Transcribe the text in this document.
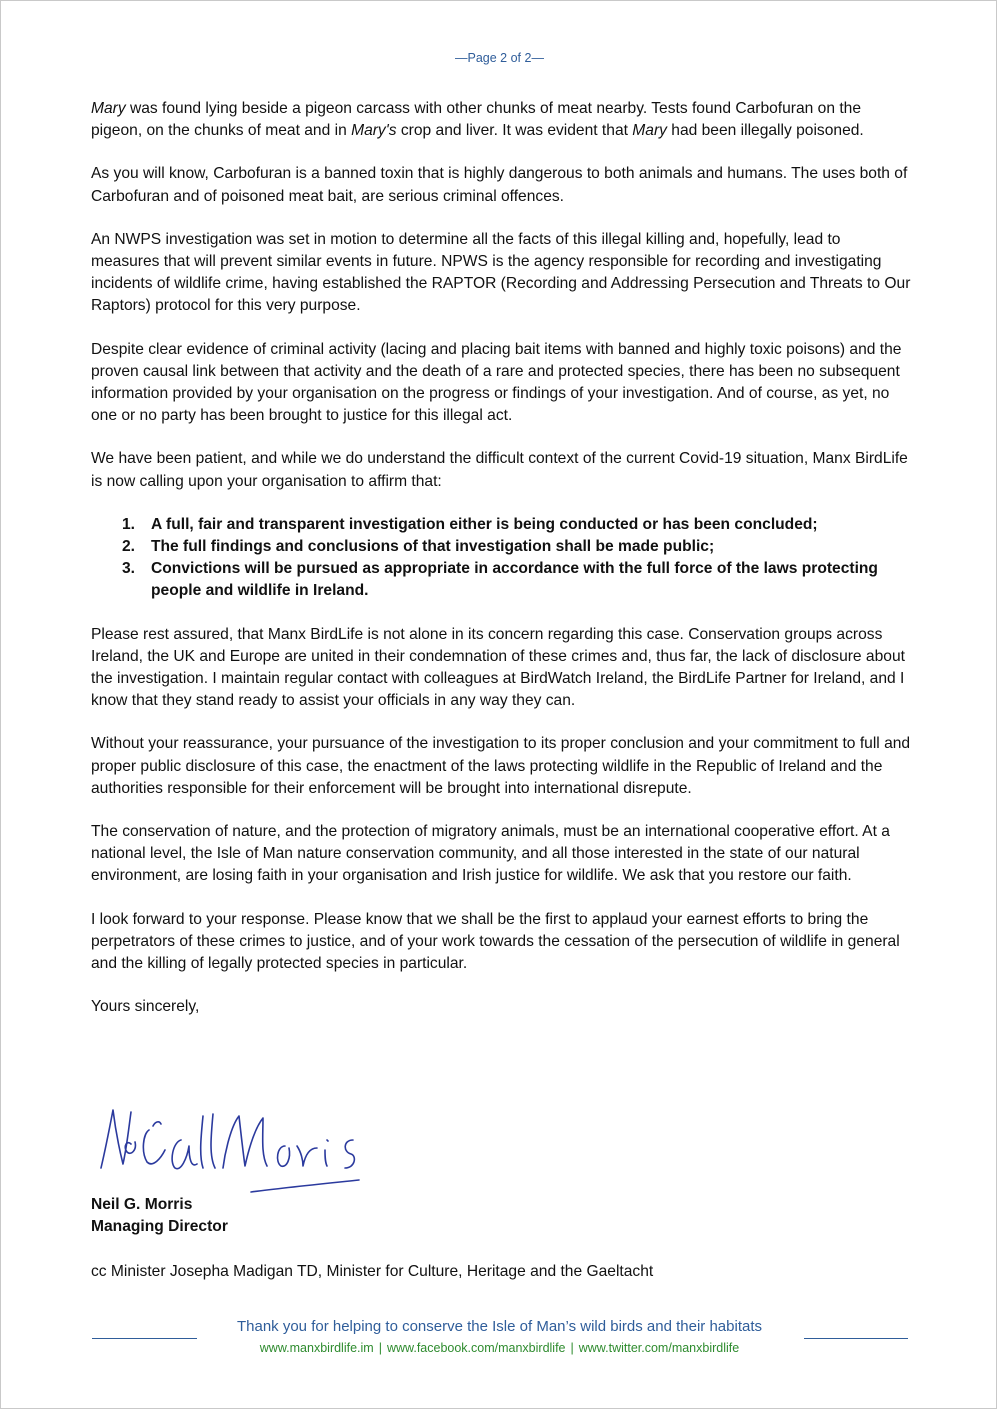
—Page 2 of 2—

Mary was found lying beside a pigeon carcass with other chunks of meat nearby. Tests found Carbofuran on the pigeon, on the chunks of meat and in Mary's crop and liver. It was evident that Mary had been illegally poisoned.

As you will know, Carbofuran is a banned toxin that is highly dangerous to both animals and humans. The uses both of Carbofuran and of poisoned meat bait, are serious criminal offences.

An NWPS investigation was set in motion to determine all the facts of this illegal killing and, hopefully, lead to measures that will prevent similar events in future. NPWS is the agency responsible for recording and investigating incidents of wildlife crime, having established the RAPTOR (Recording and Addressing Persecution and Threats to Our Raptors) protocol for this very purpose.

Despite clear evidence of criminal activity (lacing and placing bait items with banned and highly toxic poisons) and the proven causal link between that activity and the death of a rare and protected species, there has been no subsequent information provided by your organisation on the progress or findings of your investigation. And of course, as yet, no one or no party has been brought to justice for this illegal act.

We have been patient, and while we do understand the difficult context of the current Covid-19 situation, Manx BirdLife is now calling upon your organisation to affirm that:

1.	A full, fair and transparent investigation either is being conducted or has been concluded;
2.	The full findings and conclusions of that investigation shall be made public;
3.	Convictions will be pursued as appropriate in accordance with the full force of the laws protecting people and wildlife in Ireland.

Please rest assured, that Manx BirdLife is not alone in its concern regarding this case. Conservation groups across Ireland, the UK and Europe are united in their condemnation of these crimes and, thus far, the lack of disclosure about the investigation. I maintain regular contact with colleagues at BirdWatch Ireland, the BirdLife Partner for Ireland, and I know that they stand ready to assist your officials in any way they can.

Without your reassurance, your pursuance of the investigation to its proper conclusion and your commitment to full and proper public disclosure of this case, the enactment of the laws protecting wildlife in the Republic of Ireland and the authorities responsible for their enforcement will be brought into international disrepute.

The conservation of nature, and the protection of migratory animals, must be an international cooperative effort. At a national level, the Isle of Man nature conservation community, and all those interested in the state of our natural environment, are losing faith in your organisation and Irish justice for wildlife. We ask that you restore our faith.

I look forward to your response. Please know that we shall be the first to applaud your earnest efforts to bring the perpetrators of these crimes to justice, and of your work towards the cessation of the persecution of wildlife in general and the killing of legally protected species in particular.

Yours sincerely,

Neil G. Morris
Managing Director
cc Minister Josepha Madigan TD, Minister for Culture, Heritage and the Gaeltacht
Thank you for helping to conserve the Isle of Man’s wild birds and their habitats
www.manxbirdlife.im | www.facebook.com/manxbirdlife | www.twitter.com/manxbirdlife
